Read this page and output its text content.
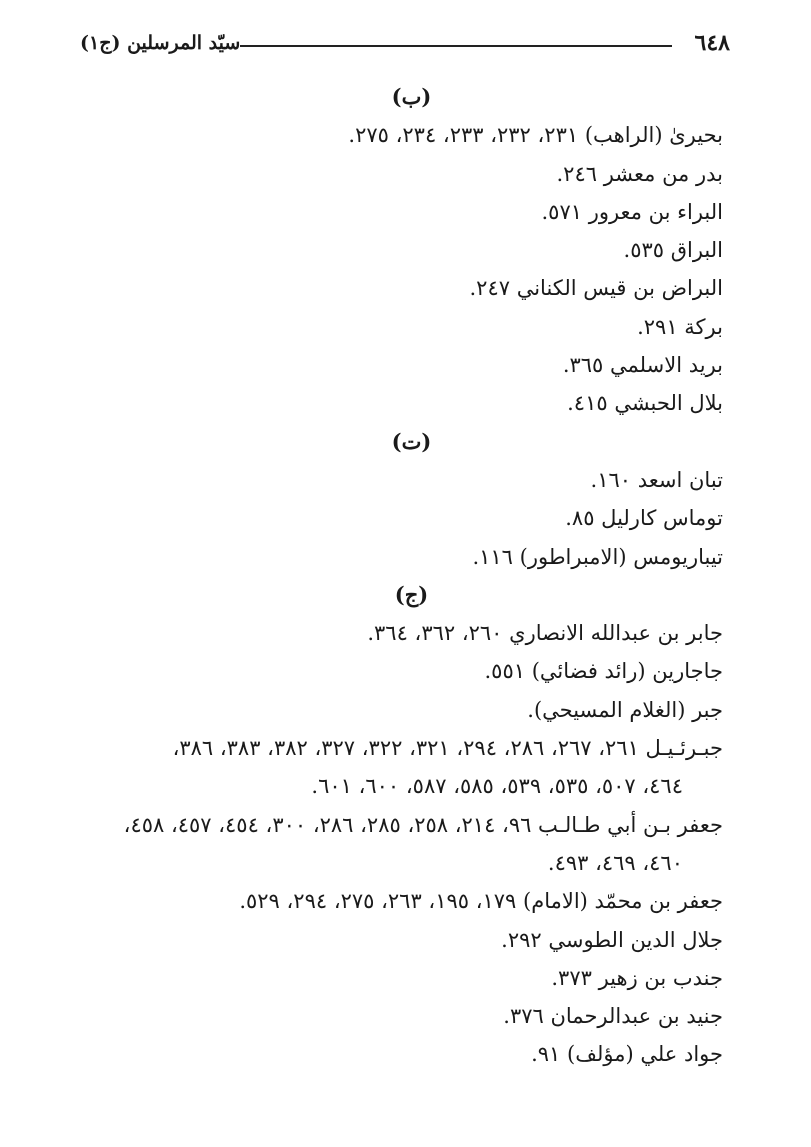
٦٤٨
سيّد المرسلين (ج١)
(ب)
بحيرىٰ (الراهب) ٢٣١، ٢٣٢، ٢٣٣، ٢٣٤، ٢٧٥.
بدر من معشر ٢٤٦.
البراء بن معرور ٥٧١.
البراق ٥٣٥.
البراض بن قيس الكناني ٢٤٧.
بركة ٢٩١.
بريد الاسلمي ٣٦٥.
بلال الحبشي ٤١٥.
(ت)
تبان اسعد ١٦٠.
توماس كارليل ٨٥.
تيباريومس (الامبراطور) ١١٦.
(ج)
جابر بن عبدالله الانصاري ٢٦٠، ٣٦٢، ٣٦٤.
جاجارين (رائد فضائي) ٥٥١.
جبر (الغلام المسيحي).
جبـرئـيـل ٢٦١، ٢٦٧، ٢٨٦، ٢٩٤، ٣٢١، ٣٢٢، ٣٢٧، ٣٨٢، ٣٨٣، ٣٨٦،
٤٦٤، ٥٠٧، ٥٣٥، ٥٣٩، ٥٨٥، ٥٨٧، ٦٠٠، ٦٠١.
جعفر بـن أبي طـالـب ٩٦، ٢١٤، ٢٥٨، ٢٨٥، ٢٨٦، ٣٠٠، ٤٥٤، ٤٥٧، ٤٥٨،
٤٦٠، ٤٦٩، ٤٩٣.
جعفر بن محمّد (الامام) ١٧٩، ١٩٥، ٢٦٣، ٢٧٥، ٢٩٤، ٥٢٩.
جلال الدين الطوسي ٢٩٢.
جندب بن زهير ٣٧٣.
جنيد بن عبدالرحمان ٣٧٦.
جواد علي (مؤلف) ٩١.
